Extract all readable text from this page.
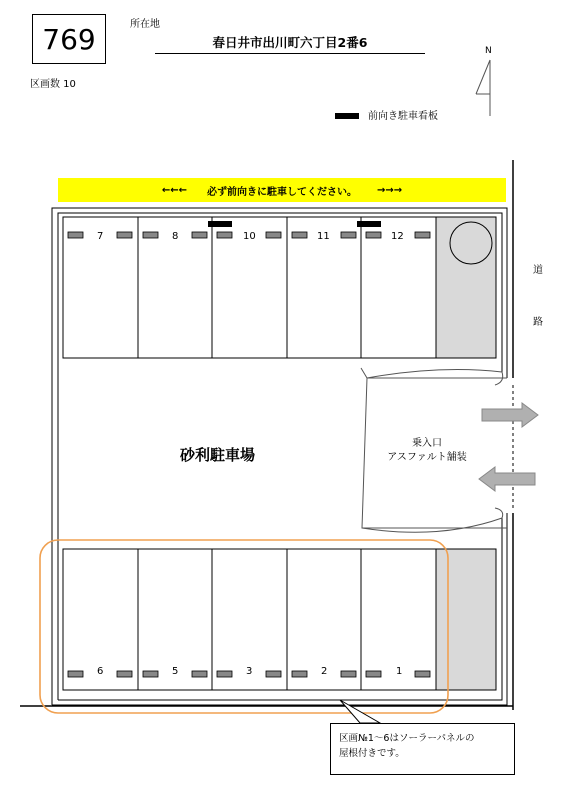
769	所在地
春日井市出川町六丁目2番6
区画数 10
N
前向き駐車看板
←←← 必ず前向きに駐車してください。 →→→
7	8	10	11	12
6	5	3	2	1
砂利駐車場
乗入口
アスファルト舗装
道
路
区画№1～6はソーラーパネルの
屋根付きです。
